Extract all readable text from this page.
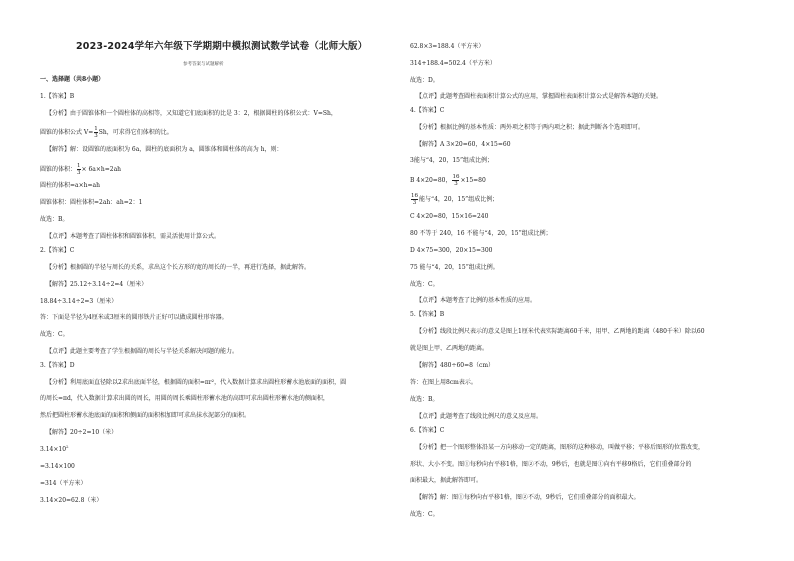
2023-2024学年六年级下学期期中模拟测试数学试卷（北师大版）
参考答案与试题解析
一、选择题（共8小题）
1.【答案】B
【分析】由于圆锥体和一个圆柱体的高相等，又知道它们底面积的比是 3：2，根据圆柱的体积公式：V=Sh，
圆锥的体积公式 $V= \frac{1}{3}$ Sh，可求得它们体积的比。
【解答】解：设圆锥的底面积为 6a，圆柱的底面积为 a，圆锥体和圆柱体的高为 h，则：
圆锥的体积： $\frac{1}{3} \times 6a\times h=2ah$
圆柱的体积=a×h=ah
圆锥体积：圆柱体积=2ah：ah=2：1
故选：B。
【点评】本题考查了圆柱体积和圆锥体积，需灵活使用计算公式。
2.【答案】C
【分析】根据圆的半径与周长的关系，求出这个长方形的宽的周长的一半，再进行选择，据此解答。
【解答】25.12÷3.14÷2=4（厘米）
18.84÷3.14÷2=3（厘米）
答：下面是半径为4厘米或3厘米的圆形铁片正好可以做成圆柱形容器。
故选：C。
【点评】此题主要考查了学生根据圆的周长与半径关系解决问题的能力。
3.【答案】D
【分析】利用底面直径除以2求出底面半径，根据圆的面积=πr²，代入数据计算求出圆柱形蓄水池底面的面积，圆
的周长=πd，代入数据计算求出圆的周长，用圆的周长乘圆柱形蓄水池的高即可求出圆柱形蓄水池的侧面积，
然后把圆柱形蓄水池底面的面积和侧面的面积相加即可求出抹水泥部分的面积。
【解答】20÷2=10（米）
$3.14\times 10^2$
=3.14×100
=314（平方米）
3.14×20=62.8（米）
62.8×3=188.4（平方米）
314+188.4=502.4（平方米）
故选：D。
【点评】此题考查圆柱表面积计算公式的应用，掌握圆柱表面积计算公式是解答本题的关键。
4.【答案】C
【分析】根据比例的基本性质：两外项之积等于两内项之积；据此判断各个选项即可。
【解答】A 3×20=60，4×15=60
3能与“4，20，15”组成比例；
B 4×20=80， $\frac{16}{3} \times 15=80$
$\frac{16}{3}$ 能与“4，20，15”组成比例；
C 4×20=80，15×16=240
80 不等于 240，16 不能与“4，20，15”组成比例；
D 4×75=300，20×15=300
75 能与“4，20，15”组成比例。
故选：C。
【点评】本题考查了比例的基本性质的应用。
5.【答案】B
【分析】线段比例尺表示的意义是图上1厘米代表实际距离60千米，用甲、乙两地的距离（480千米）除以60
就是图上甲、乙两地的距离。
【解答】480÷60=8（cm）
答：在图上用8cm表示。
故选：B。
【点评】此题考查了线段比例尺的意义及应用。
6.【答案】C
【分析】把一个图形整体沿某一方向移动一定的距离，图形的这种移动，叫做平移；平移后图形的位置改变，
形状、大小不变。图①每秒向右平移1格，图②不动，9秒后，也就是图①向右平移9格后，它们重叠部分的
面积最大，据此解答即可。
【解答】解：图①每秒向右平移1格，图②不动，9秒后，它们重叠部分的面积最大。
故选：C。
